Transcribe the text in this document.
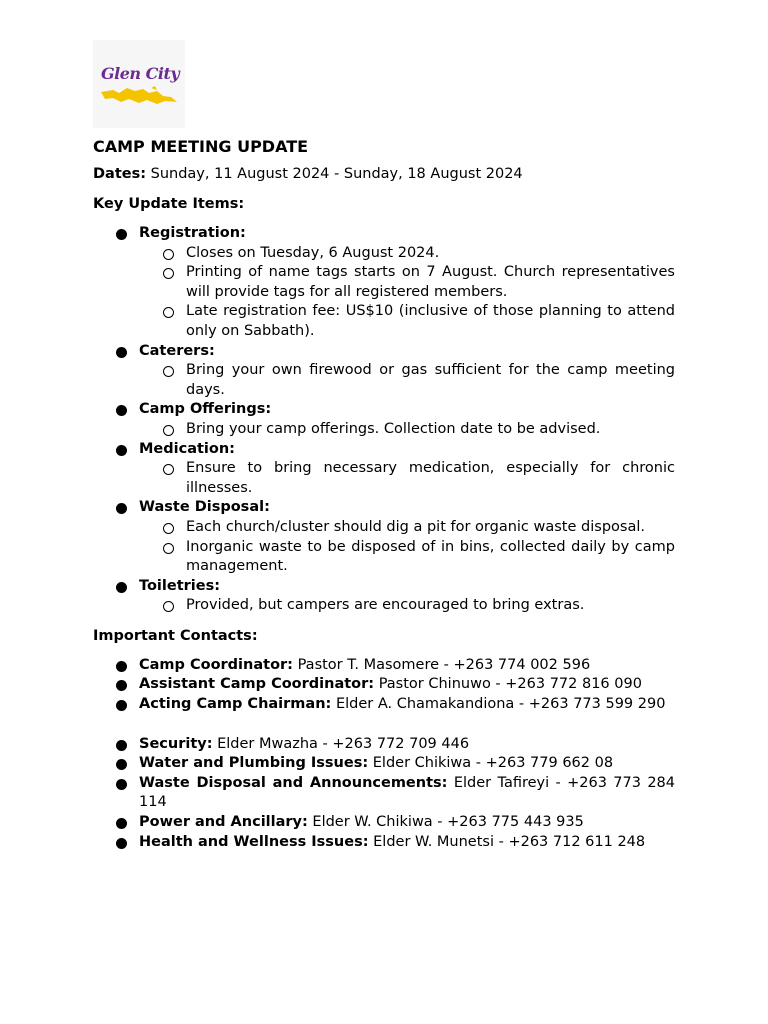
Glen City
CAMP MEETING UPDATE

Dates: Sunday, 11 August 2024 - Sunday, 18 August 2024

Key Update Items:

Registration:
Closes on Tuesday, 6 August 2024.
Printing of name tags starts on 7 August. Church representatives will provide tags for all registered members.
Late registration fee: US$10 (inclusive of those planning to attend only on Sabbath).
Caterers:
Bring your own firewood or gas sufficient for the camp meeting days.
Camp Offerings:
Bring your camp offerings. Collection date to be advised.
Medication:
Ensure to bring necessary medication, especially for chronic illnesses.
Waste Disposal:
Each church/cluster should dig a pit for organic waste disposal.
Inorganic waste to be disposed of in bins, collected daily by camp management.
Toiletries:
Provided, but campers are encouraged to bring extras.

Important Contacts:

Camp Coordinator: Pastor T. Masomere - +263 774 002 596
Assistant Camp Coordinator: Pastor Chinuwo - +263 772 816 090
Acting Camp Chairman: Elder A. Chamakandiona - +263 773 599 290
Security: Elder Mwazha - +263 772 709 446
Water and Plumbing Issues: Elder Chikiwa - +263 779 662 08
Waste Disposal and Announcements: Elder Tafireyi - +263 773 284 114
Power and Ancillary: Elder W. Chikiwa - +263 775 443 935
Health and Wellness Issues: Elder W. Munetsi - +263 712 611 248
